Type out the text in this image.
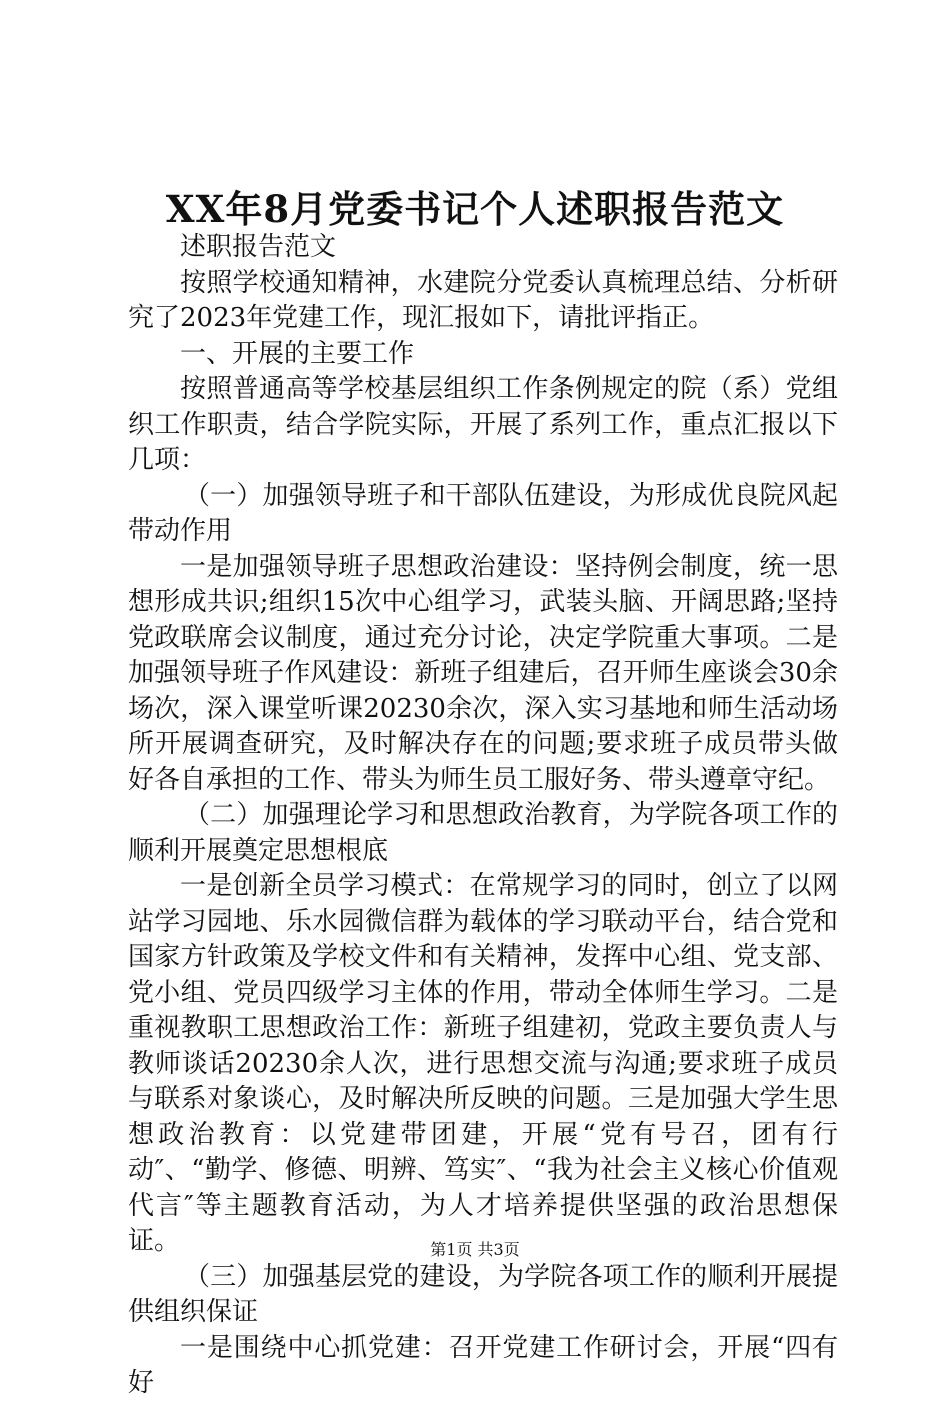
XX年8月党委书记个人述职报告范文

述职报告范文

按照学校通知精神，水建院分党委认真梳理总结、分析研究了2023年党建工作，现汇报如下，请批评指正。

一、开展的主要工作

按照普通高等学校基层组织工作条例规定的院（系）党组织工作职责，结合学院实际，开展了系列工作，重点汇报以下几项：

（一）加强领导班子和干部队伍建设，为形成优良院风起带动作用

一是加强领导班子思想政治建设：坚持例会制度，统一思想形成共识;组织15次中心组学习，武装头脑、开阔思路;坚持党政联席会议制度，通过充分讨论，决定学院重大事项。二是加强领导班子作风建设：新班子组建后，召开师生座谈会30余场次，深入课堂听课20230余次，深入实习基地和师生活动场所开展调查研究，及时解决存在的问题;要求班子成员带头做好各自承担的工作、带头为师生员工服好务、带头遵章守纪。

（二）加强理论学习和思想政治教育，为学院各项工作的顺利开展奠定思想根底

一是创新全员学习模式：在常规学习的同时，创立了以网站学习园地、乐水园微信群为载体的学习联动平台，结合党和国家方针政策及学校文件和有关精神，发挥中心组、党支部、党小组、党员四级学习主体的作用，带动全体师生学习。二是重视教职工思想政治工作：新班子组建初，党政主要负责人与教师谈话20230余人次，进行思想交流与沟通;要求班子成员与联系对象谈心，及时解决所反映的问题。三是加强大学生思想政治教育：以党建带团建，开展“党有号召，团有行动″、“勤学、修德、明辨、笃实″、“我为社会主义核心价值观代言″等主题教育活动，为人才培养提供坚强的政治思想保证。

（三）加强基层党的建设，为学院各项工作的顺利开展提供组织保证

一是围绕中心抓党建：召开党建工作研讨会，开展“四有好

第1页 共3页
